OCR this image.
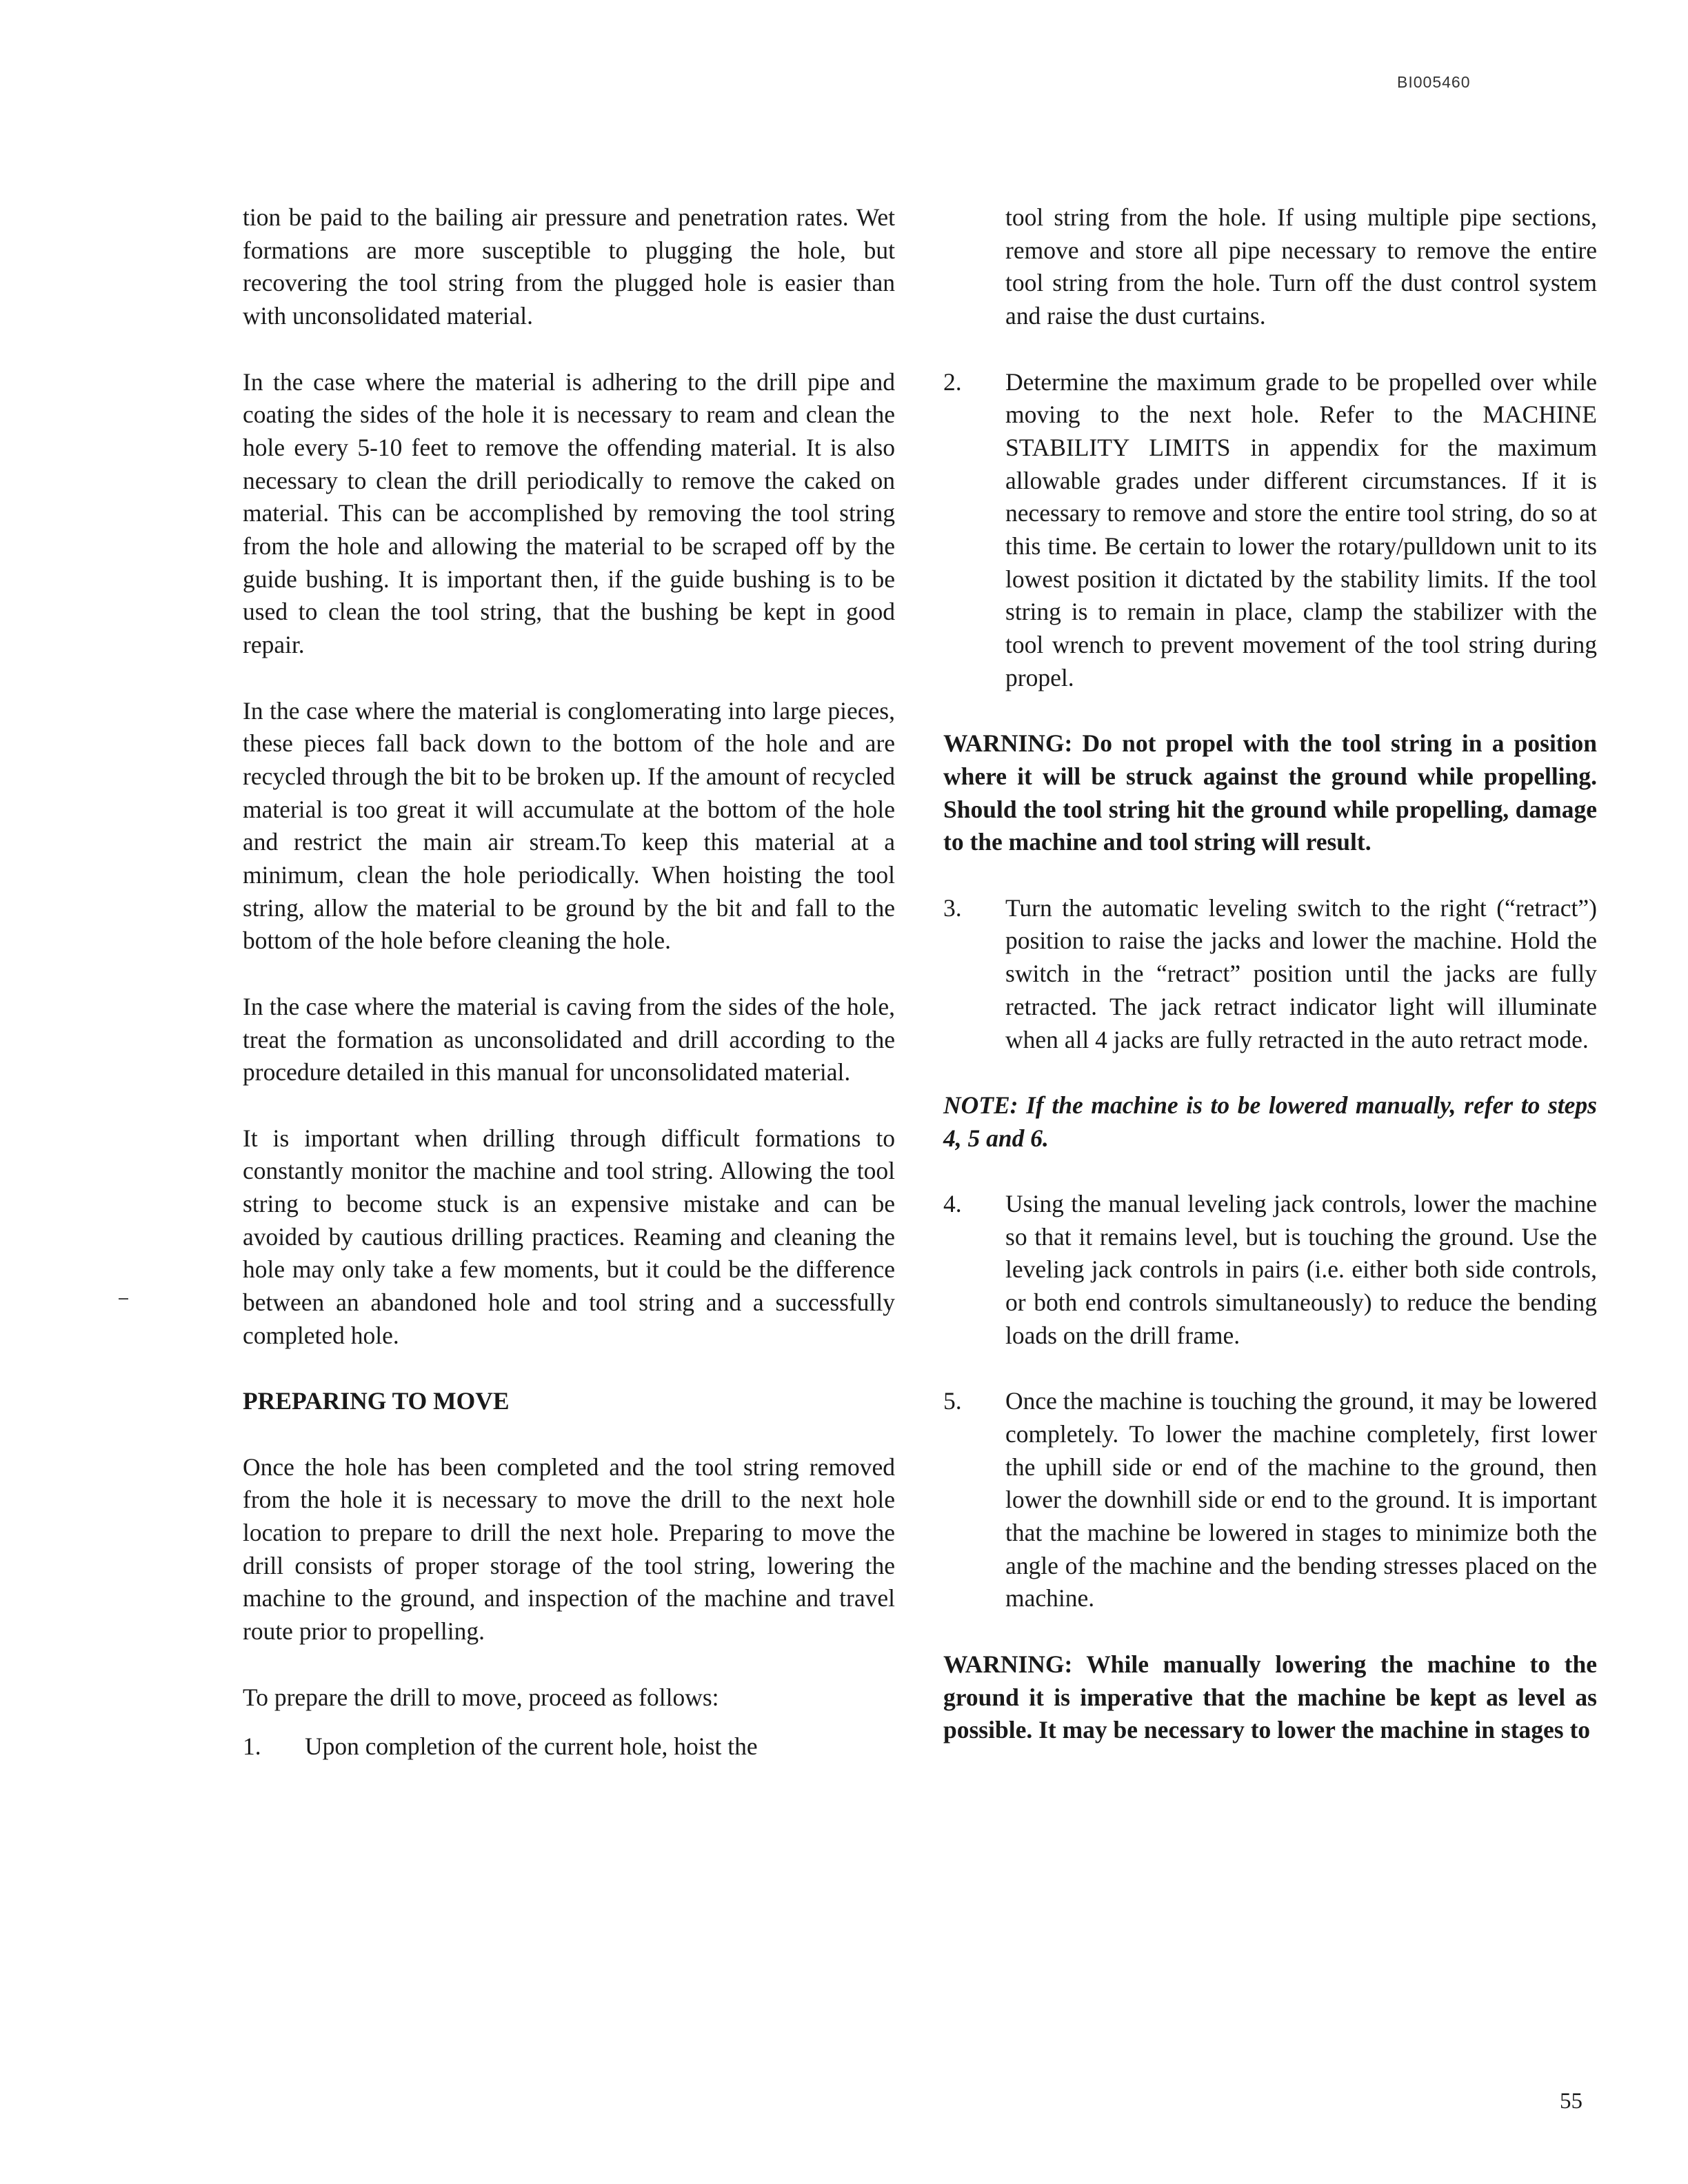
BI005460

tion be paid to the bailing air pressure and penetration rates. Wet formations are more susceptible to plugging the hole, but recovering the tool string from the plugged hole is easier than with unconsolidated material.

In the case where the material is adhering to the drill pipe and coating the sides of the hole it is necessary to ream and clean the hole every 5-10 feet to remove the offending material. It is also necessary to clean the drill periodically to remove the caked on material. This can be accomplished by removing the tool string from the hole and allowing the material to be scraped off by the guide bushing. It is important then, if the guide bushing is to be used to clean the tool string, that the bushing be kept in good repair.

In the case where the material is conglomerating into large pieces, these pieces fall back down to the bottom of the hole and are recycled through the bit to be broken up. If the amount of recycled material is too great it will accumulate at the bottom of the hole and restrict the main air stream.To keep this material at a minimum, clean the hole periodically. When hoisting the tool string, allow the material to be ground by the bit and fall to the bottom of the hole before cleaning the hole.

In the case where the material is caving from the sides of the hole, treat the formation as unconsolidated and drill according to the procedure detailed in this manual for unconsolidated material.

It is important when drilling through difficult formations to constantly monitor the machine and tool string. Allowing the tool string to become stuck is an expensive mistake and can be avoided by cautious drilling practices. Reaming and cleaning the hole may only take a few moments, but it could be the difference between an abandoned hole and tool string and a successfully completed hole.

PREPARING TO MOVE

Once the hole has been completed and the tool string removed from the hole it is necessary to move the drill to the next hole location to prepare to drill the next hole. Preparing to move the drill consists of proper storage of the tool string, lowering the machine to the ground, and inspection of the machine and travel route prior to propelling.

To prepare the drill to move, proceed as follows:

1.	Upon completion of the current hole, hoist the
tool string from the hole. If using multiple pipe sections, remove and store all pipe necessary to remove the entire tool string from the hole. Turn off the dust control system and raise the dust curtains.
2.	Determine the maximum grade to be propelled over while moving to the next hole. Refer to the MACHINE STABILITY LIMITS in appendix for the maximum allowable grades under different circumstances. If it is necessary to remove and store the entire tool string, do so at this time. Be certain to lower the rotary/pulldown unit to its lowest position it dictated by the stability limits. If the tool string is to remain in place, clamp the stabilizer with the tool wrench to prevent movement of the tool string during propel.

WARNING: Do not propel with the tool string in a position where it will be struck against the ground while propelling. Should the tool string hit the ground while propelling, damage to the machine and tool string will result.

3.	Turn the automatic leveling switch to the right (“retract”) position to raise the jacks and lower the machine. Hold the switch in the “retract” position until the jacks are fully retracted. The jack retract indicator light will illuminate when all 4 jacks are fully retracted in the auto retract mode.

NOTE: If the machine is to be lowered manually, refer to steps 4, 5 and 6.

4.	Using the manual leveling jack controls, lower the machine so that it remains level, but is touching the ground. Use the leveling jack controls in pairs (i.e. either both side controls, or both end controls simultaneously) to reduce the bending loads on the drill frame.
5.	Once the machine is touching the ground, it may be lowered completely. To lower the machine completely, first lower the uphill side or end of the machine to the ground, then lower the downhill side or end to the ground. It is important that the machine be lowered in stages to minimize both the angle of the machine and the bending stresses placed on the machine.

WARNING: While manually lowering the machine to the ground it is imperative that the machine be kept as level as possible. It may be necessary to lower the machine in stages to

55
